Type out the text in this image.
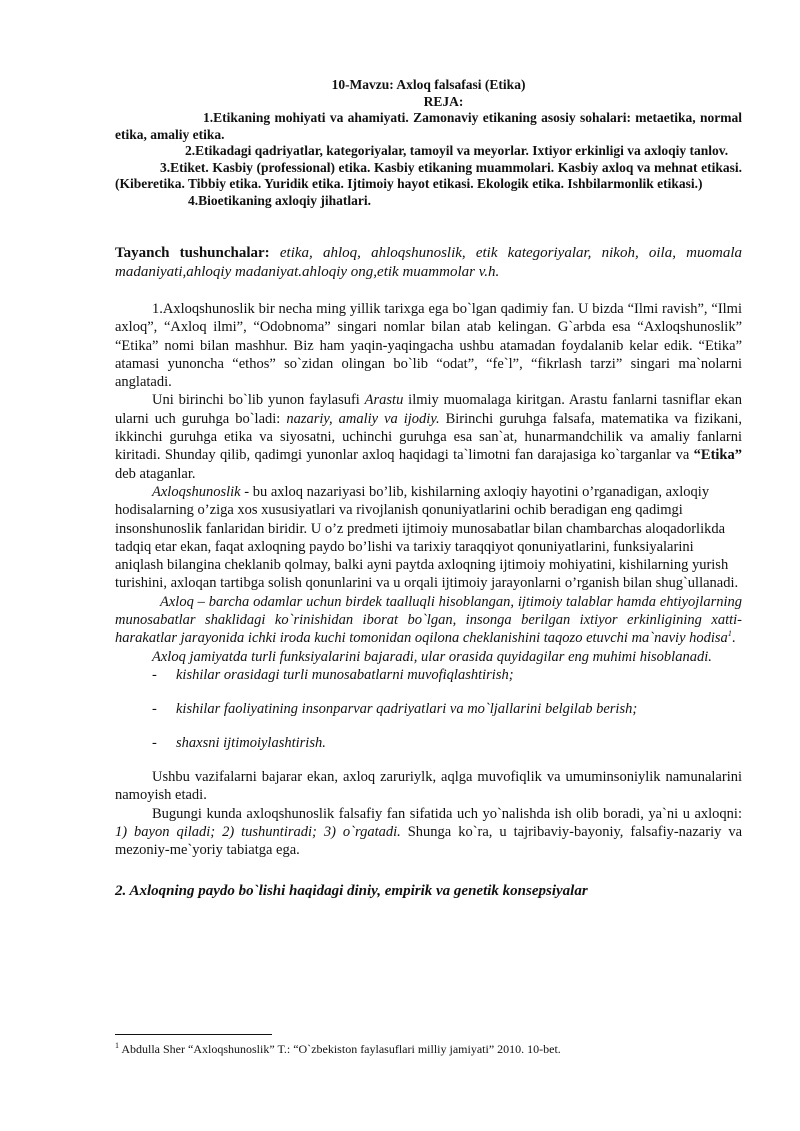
10-Mavzu: Axloq falsafasi (Etika)
REJA:

1.Etikaning mohiyati va ahamiyati. Zamonaviy etikaning asosiy sohalari: metaetika, normal etika, amaliy etika.

2.Etikadagi qadriyatlar, kategoriyalar, tamoyil va meyorlar. Ixtiyor erkinligi va axloqiy tanlov.

3.Etiket. Kasbiy (professional) etika. Kasbiy etikaning muammolari. Kasbiy axloq va mehnat etikasi. (Kiberetika. Tibbiy etika. Yuridik etika. Ijtimoiy hayot etikasi. Ekologik etika. Ishbilarmonlik etikasi.)

4.Bioetikaning axloqiy jihatlari.

Tayanch tushunchalar: etika, ahloq, ahloqshunoslik, etik kategoriyalar, nikoh, oila, muomala madaniyati,ahloqiy madaniyat.ahloqiy ong,etik muammolar v.h.

1.Axloqshunoslik bir necha ming yillik tarixga ega bo`lgan qadimiy fan. U bizda “Ilmi ravish”, “Ilmi axloq”, “Axloq ilmi”, “Odobnoma” singari nomlar bilan atab kelingan. G`arbda esa “Axloqshunoslik” “Etika” nomi bilan mashhur. Biz ham yaqin-yaqingacha ushbu atamadan foydalanib kelar edik. “Etika” atamasi yunoncha “ethos” so`zidan olingan bo`lib “odat”, “fe`l”, “fikrlash tarzi” singari ma`nolarni anglatadi.

Uni birinchi bo`lib yunon faylasufi Arastu ilmiy muomalaga kiritgan. Arastu fanlarni tasniflar ekan ularni uch guruhga bo`ladi: nazariy, amaliy va ijodiy. Birinchi guruhga falsafa, matematika va fizikani, ikkinchi guruhga etika va siyosatni, uchinchi guruhga esa san`at, hunarmandchilik va amaliy fanlarni kiritadi. Shunday qilib, qadimgi yunonlar axloq haqidagi ta`limotni fan darajasiga ko`targanlar va “Etika” deb ataganlar.

Axloqshunoslik - bu axloq nazariyasi bo’lib, kishilarning axloqiy hayotini o’rganadigan, axloqiy hodisalarning o’ziga xos xususiyatlari va rivojlanish qonuniyatlarini ochib beradigan eng qadimgi insonshunoslik fanlaridan biridir. U o’z predmeti ijtimoiy munosabatlar bilan chambarchas aloqadorlikda tadqiq etar ekan, faqat axloqning paydo bo’lishi va tarixiy taraqqiyot qonuniyatlarini, funksiyalarini aniqlash bilangina cheklanib qolmay, balki ayni paytda axloqning ijtimoiy mohiyatini, kishilarning yurish turishini, axloqan tartibga solish qonunlarini va u orqali ijtimoiy jarayonlarni o’rganish bilan shug`ullanadi.

Axloq – barcha odamlar uchun birdek taalluqli hisoblangan, ijtimoiy talablar hamda ehtiyojlarning munosabatlar shaklidagi ko`rinishidan iborat bo`lgan, insonga berilgan ixtiyor erkinligining xatti-harakatlar jarayonida ichki iroda kuchi tomonidan oqilona cheklanishini taqozo etuvchi ma`naviy hodisa$^1$.

Axloq jamiyatda turli funksiyalarini bajaradi, ular orasida quyidagilar eng muhimi hisoblanadi.

- kishilar orasidagi turli munosabatlarni muvofiqlashtirish;

- kishilar faoliyatining insonparvar qadriyatlari va mo`ljallarini belgilab berish;

- shaxsni ijtimoiylashtirish.

Ushbu vazifalarni bajarar ekan, axloq zaruriylk, aqlga muvofiqlik va umuminsoniylik namunalarini namoyish etadi.

Bugungi kunda axloqshunoslik falsafiy fan sifatida uch yo`nalishda ish olib boradi, ya`ni u axloqni: 1) bayon qiladi; 2) tushuntiradi; 3) o`rgatadi. Shunga ko`ra, u tajribaviy-bayoniy, falsafiy-nazariy va mezoniy-me`yoriy tabiatga ega.

2. Axloqning paydo bo`lishi haqidagi diniy, empirik va genetik konsepsiyalar
$^1$ Abdulla Sher “Axloqshunoslik” T.: “O`zbekiston faylasuflari milliy jamiyati” 2010. 10-bet.
